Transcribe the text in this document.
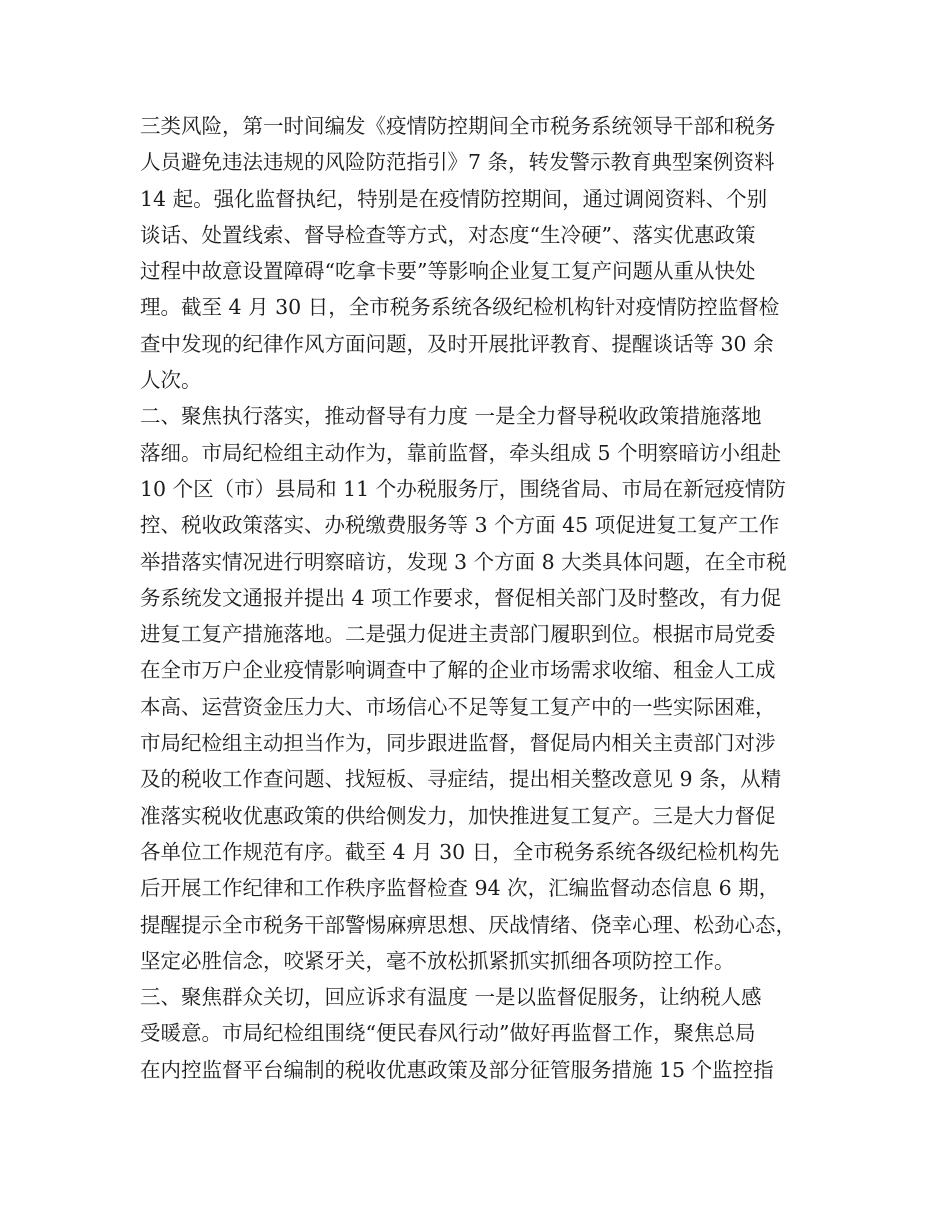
三类风险，第一时间编发《疫情防控期间全市税务系统领导干部和税务
人员避免违法违规的风险防范指引》7 条，转发警示教育典型案例资料
14 起。强化监督执纪，特别是在疫情防控期间，通过调阅资料、个别
谈话、处置线索、督导检查等方式，对态度“生冷硬”、落实优惠政策
过程中故意设置障碍“吃拿卡要”等影响企业复工复产问题从重从快处
理。截至 4 月 30 日，全市税务系统各级纪检机构针对疫情防控监督检
查中发现的纪律作风方面问题，及时开展批评教育、提醒谈话等 30 余
人次。
二、聚焦执行落实，推动督导有力度 一是全力督导税收政策措施落地
落细。市局纪检组主动作为，靠前监督，牵头组成 5 个明察暗访小组赴
10 个区（市）县局和 11 个办税服务厅，围绕省局、市局在新冠疫情防
控、税收政策落实、办税缴费服务等 3 个方面 45 项促进复工复产工作
举措落实情况进行明察暗访，发现 3 个方面 8 大类具体问题，在全市税
务系统发文通报并提出 4 项工作要求，督促相关部门及时整改，有力促
进复工复产措施落地。二是强力促进主责部门履职到位。根据市局党委
在全市万户企业疫情影响调查中了解的企业市场需求收缩、租金人工成
本高、运营资金压力大、市场信心不足等复工复产中的一些实际困难，
市局纪检组主动担当作为，同步跟进监督，督促局内相关主责部门对涉
及的税收工作查问题、找短板、寻症结，提出相关整改意见 9 条，从精
准落实税收优惠政策的供给侧发力，加快推进复工复产。三是大力督促
各单位工作规范有序。截至 4 月 30 日，全市税务系统各级纪检机构先
后开展工作纪律和工作秩序监督检查 94 次，汇编监督动态信息 6 期，
提醒提示全市税务干部警惕麻痹思想、厌战情绪、侥幸心理、松劲心态，
坚定必胜信念，咬紧牙关，毫不放松抓紧抓实抓细各项防控工作。
三、聚焦群众关切，回应诉求有温度 一是以监督促服务，让纳税人感
受暖意。市局纪检组围绕“便民春风行动”做好再监督工作，聚焦总局
在内控监督平台编制的税收优惠政策及部分征管服务措施 15 个监控指
